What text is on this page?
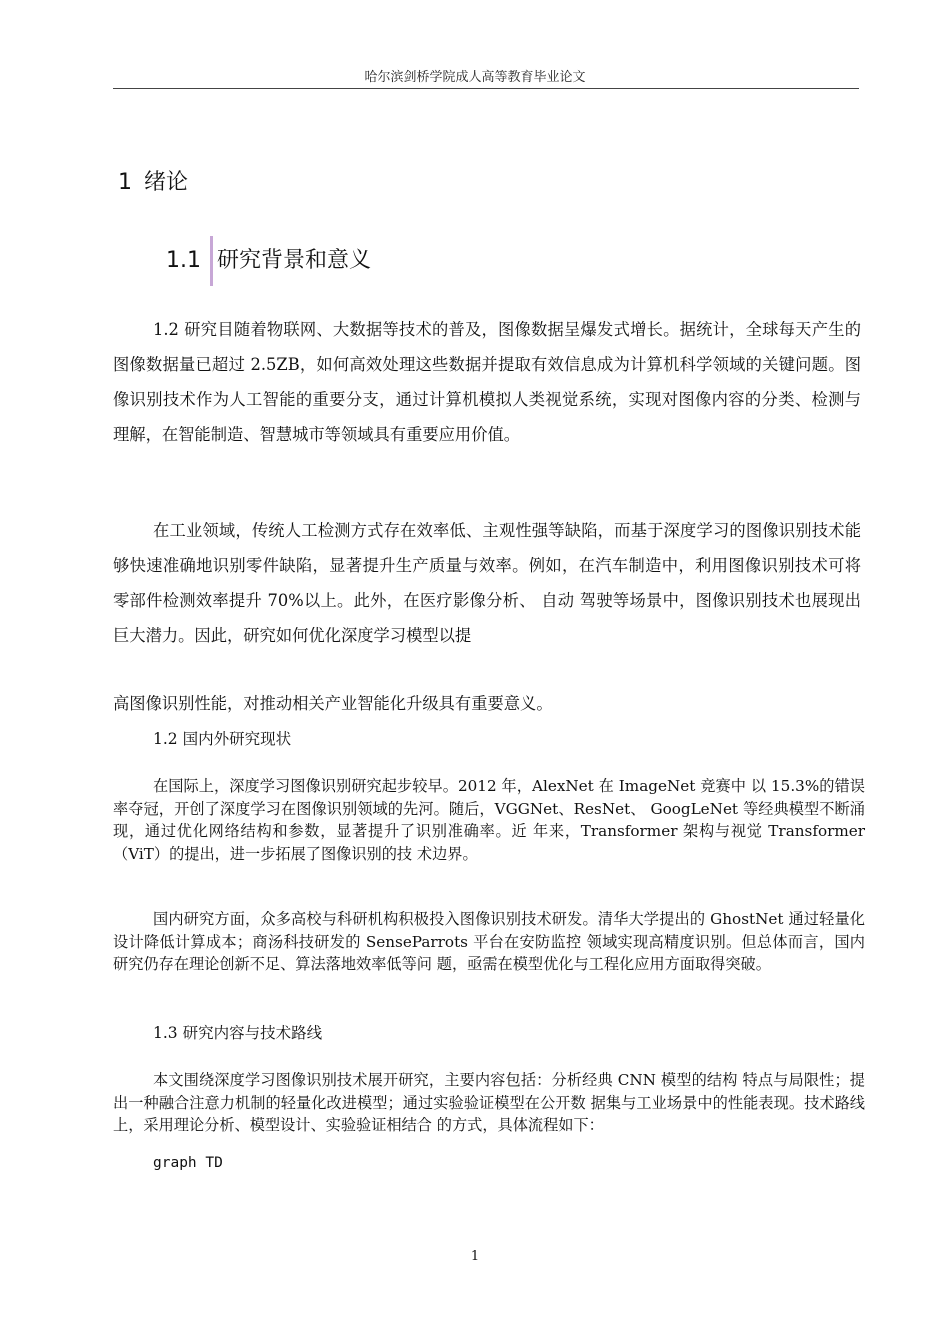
哈尔滨剑桥学院成人高等教育毕业论文
1 绪论
1.1 研究背景和意义
1.2 研究目随着物联网、大数据等技术的普及，图像数据呈爆发式增长。据统计，全球每天产生的图像数据量已超过 2.5ZB，如何高效处理这些数据并提取有效信息成为计算机科学领域的关键问题。图像识别技术作为人工智能的重要分支，通过计算机模拟人类视觉系统，实现对图像内容的分类、检测与理解，在智能制造、智慧城市等领域具有重要应用价值。
在工业领域，传统人工检测方式存在效率低、主观性强等缺陷，而基于深度学习的图像识别技术能够快速准确地识别零件缺陷，显著提升生产质量与效率。例如，在汽车制造中，利用图像识别技术可将零部件检测效率提升 70%以上。此外，在医疗影像分析、 自动 驾驶等场景中，图像识别技术也展现出巨大潜力。因此，研究如何优化深度学习模型以提
高图像识别性能，对推动相关产业智能化升级具有重要意义。
1.2 国内外研究现状
在国际上，深度学习图像识别研究起步较早。2012 年，AlexNet 在 ImageNet 竞赛中 以 15.3%的错误率夺冠，开创了深度学习在图像识别领域的先河。随后，VGGNet、ResNet、 GoogLeNet 等经典模型不断涌现，通过优化网络结构和参数，显著提升了识别准确率。近 年来，Transformer 架构与视觉 Transformer（ViT）的提出，进一步拓展了图像识别的技 术边界。
国内研究方面，众多高校与科研机构积极投入图像识别技术研发。清华大学提出的 GhostNet 通过轻量化设计降低计算成本；商汤科技研发的 SenseParrots 平台在安防监控 领域实现高精度识别。但总体而言，国内研究仍存在理论创新不足、算法落地效率低等问 题，亟需在模型优化与工程化应用方面取得突破。
1.3 研究内容与技术路线
本文围绕深度学习图像识别技术展开研究，主要内容包括：分析经典 CNN 模型的结构 特点与局限性；提出一种融合注意力机制的轻量化改进模型；通过实验验证模型在公开数 据集与工业场景中的性能表现。技术路线上，采用理论分析、模型设计、实验验证相结合 的方式，具体流程如下：
graph TD
1
